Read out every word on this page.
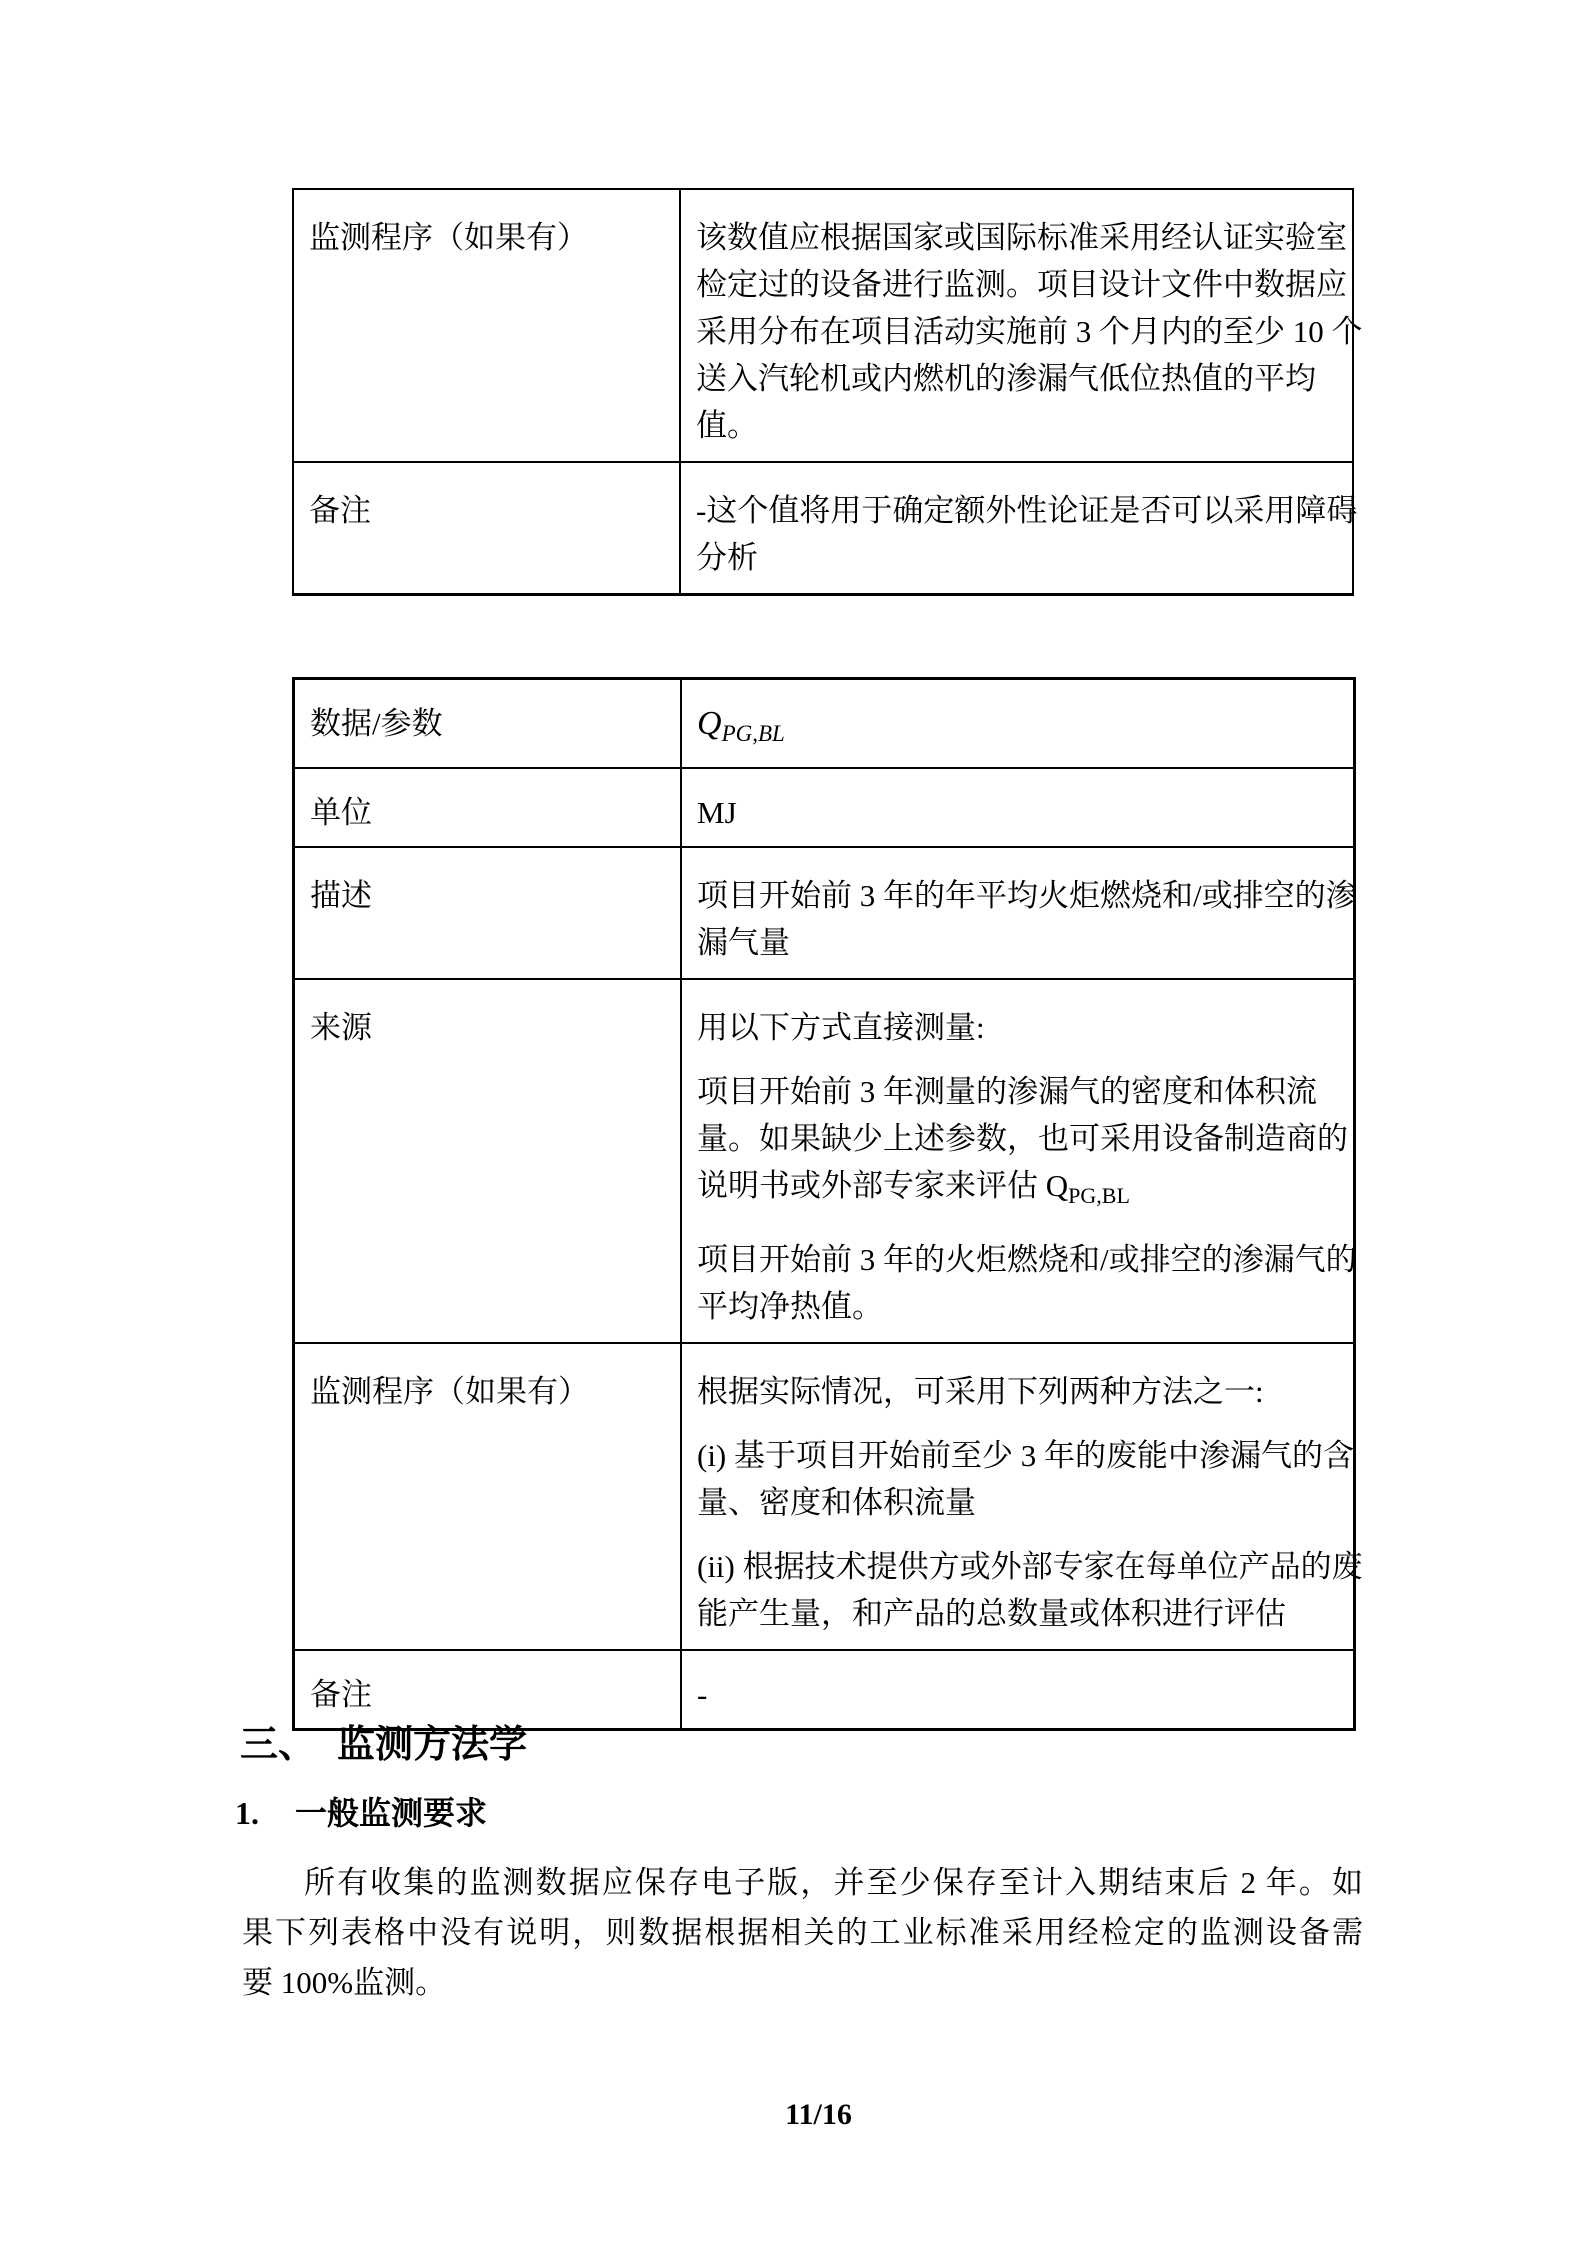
监测程序（如果有）	该数值应根据国家或国际标准采用经认证实验室
检定过的设备进行监测。项目设计文件中数据应
采用分布在项目活动实施前 3 个月内的至少 10 个
送入汽轮机或内燃机的渗漏气低位热值的平均
值。

备注	-这个值将用于确定额外性论证是否可以采用障碍
分析
数据/参数	$Q_{PG,BL}$

单位	MJ

描述	项目开始前 3 年的年平均火炬燃烧和/或排空的渗
漏气量

来源	用以下方式直接测量:
项目开始前 3 年测量的渗漏气的密度和体积流
量。如果缺少上述参数，也可采用设备制造商的
说明书或外部专家来评估 $Q_{PG,BL}$
项目开始前 3 年的火炬燃烧和/或排空的渗漏气的
平均净热值。

监测程序（如果有）	根据实际情况，可采用下列两种方法之一:
(i) 基于项目开始前至少 3 年的废能中渗漏气的含
量、密度和体积流量
(ii) 根据技术提供方或外部专家在每单位产品的废
能产生量，和产品的总数量或体积进行评估

备注	-
三、 监测方法学
1. 一般监测要求
所有收集的监测数据应保存电子版，并至少保存至计入期结束后 2 年。如
果下列表格中没有说明，则数据根据相关的工业标准采用经检定的监测设备需
要 100%监测。
11/16
